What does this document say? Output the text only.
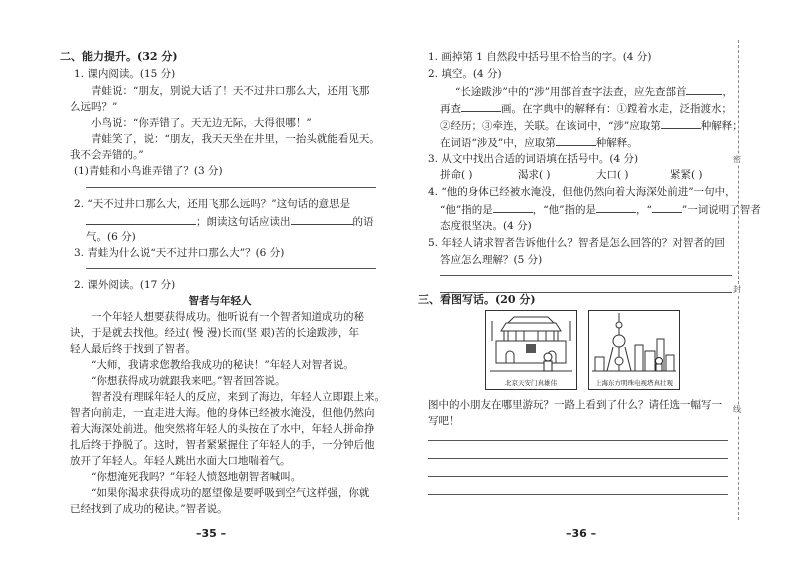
二、能力提升。(32 分)
1. 课内阅读。(15 分)
青蛙说：“朋友，别说大话了！天不过井口那么大，还用飞那
么远吗？”
小鸟说：“你弄错了。天无边无际，大得很哪！”
青蛙笑了，说：“朋友，我天天坐在井里，一抬头就能看见天。
我不会弄错的。”
(1)青蛙和小鸟谁弄错了？(3 分)
2. “天不过井口那么大，还用飞那么远吗？”这句话的意思是
；朗读这句话应读出	的语
气。(6 分)
3. 青蛙为什么说“天不过井口那么大”？(6 分)
2. 课外阅读。(17 分)
智者与年轻人
一个年轻人想要获得成功。他听说有一个智者知道成功的秘
诀，于是就去找他。经过( 慢 漫)长而(坚 艰)苦的长途跋涉，年
轻人最后终于找到了智者。
“大师，我请求您教给我成功的秘诀！”年轻人对智者说。
“你想获得成功就跟我来吧。”智者回答说。
智者没有理睬年轻人的反应，来到了海边，年轻人立即跟上来。
智者向前走，一直走进大海。他的身体已经被水淹没，但他仍然向
着大海深处前进。他突然将年轻人的头按在了水中，年轻人拼命挣
扎后终于挣脱了。这时，智者紧紧握住了年轻人的手，一分钟后他
放开了年轻人。年轻人跳出水面大口地喘着气。
“你想淹死我吗？”年轻人愤怒地朝智者喊叫。
“如果你渴求获得成功的愿望像是要呼吸到空气这样强，你就
已经找到了成功的秘诀。”智者说。
–35 –
1. 画掉第 1 自然段中括号里不恰当的字。(4 分)
2. 填空。(4 分)
“长途跋涉”中的“涉”用部首查字法查，应先查部首	，
再查	画。在字典中的解释有：①蹚着水走，泛指渡水；
②经历；③牵连，关联。在该词中，“涉”应取第	种解释；
在词语“涉及”中，应取第	种解释。
3. 从文中找出合适的词语填在括号中。(4 分)
拼命( )	渴求( )	大口( )	紧紧( )
4. “他的身体已经被水淹没，但他仍然向着大海深处前进”一句中，
“他”指的是	，“他”指的是	，“	”一词说明了智者
态度很坚决。(4 分)
5. 年轻人请求智者告诉他什么？智者是怎么回答的？对智者的回
答应怎么理解？(5 分)
三、看图写话。(20 分)
北京天安门真雄伟	上海东方明珠电视塔真壮观
图中的小朋友在哪里游玩？一路上看到了什么？请任选一幅写一
写吧！
–36 –
密
封
线
